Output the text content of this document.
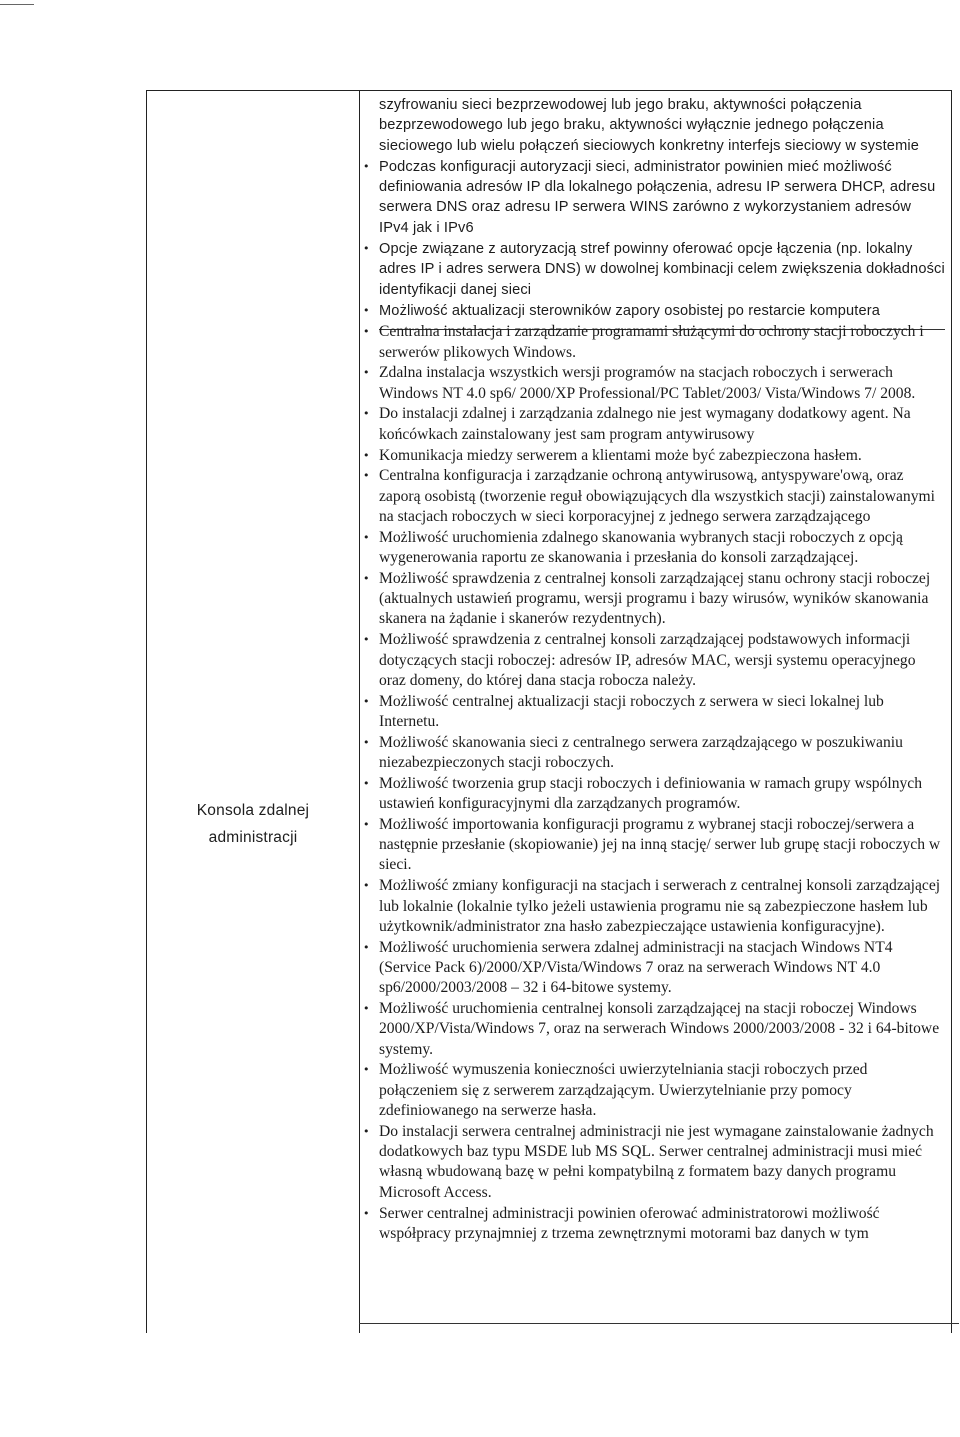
Konsola zdalnej
administracji

szyfrowaniu sieci bezprzewodowej lub jego braku, aktywności połączenia bezprzewodowego lub jego braku, aktywności wyłącznie jednego połączenia sieciowego lub wielu połączeń sieciowych konkretny interfejs sieciowy w systemie

• Podczas konfiguracji autoryzacji sieci, administrator powinien mieć możliwość definiowania adresów IP dla lokalnego połączenia, adresu IP serwera DHCP, adresu serwera DNS oraz adresu IP serwera WINS zarówno z wykorzystaniem adresów IPv4 jak i IPv6
• Opcje związane z autoryzacją stref powinny oferować opcje łączenia (np. lokalny adres IP i adres serwera DNS) w dowolnej kombinacji celem zwiększenia dokładności identyfikacji danej sieci
• Możliwość aktualizacji sterowników zapory osobistej po restarcie komputera
• Centralna instalacja i zarządzanie programami służącymi do ochrony stacji roboczych i serwerów plikowych Windows.
• Zdalna instalacja wszystkich wersji programów na stacjach roboczych i serwerach Windows NT 4.0 sp6/ 2000/XP Professional/PC Tablet/2003/ Vista/Windows 7/ 2008.
• Do instalacji zdalnej i zarządzania zdalnego nie jest wymagany dodatkowy agent. Na końcówkach zainstalowany jest sam program antywirusowy
• Komunikacja miedzy serwerem a klientami może być zabezpieczona hasłem.
• Centralna konfiguracja i zarządzanie ochroną antywirusową, antyspyware'ową, oraz zaporą osobistą (tworzenie reguł obowiązujących dla wszystkich stacji) zainstalowanymi na stacjach roboczych w sieci korporacyjnej z jednego serwera zarządzającego
• Możliwość uruchomienia zdalnego skanowania wybranych stacji roboczych z opcją wygenerowania raportu ze skanowania i przesłania do konsoli zarządzającej.
• Możliwość sprawdzenia z centralnej konsoli zarządzającej stanu ochrony stacji roboczej (aktualnych ustawień programu, wersji programu i bazy wirusów, wyników skanowania skanera na żądanie i skanerów rezydentnych).
• Możliwość sprawdzenia z centralnej konsoli zarządzającej podstawowych informacji dotyczących stacji roboczej: adresów IP, adresów MAC, wersji systemu operacyjnego oraz domeny, do której dana stacja robocza należy.
• Możliwość centralnej aktualizacji stacji roboczych z serwera w sieci lokalnej lub Internetu.
• Możliwość skanowania sieci z centralnego serwera zarządzającego w poszukiwaniu niezabezpieczonych stacji roboczych.
• Możliwość tworzenia grup stacji roboczych i definiowania w ramach grupy wspólnych ustawień konfiguracyjnymi dla zarządzanych programów.
• Możliwość importowania konfiguracji programu z wybranej stacji roboczej/serwera a następnie przesłanie (skopiowanie) jej na inną stację/ serwer lub grupę stacji roboczych w sieci.
• Możliwość zmiany konfiguracji na stacjach i serwerach z centralnej konsoli zarządzającej lub lokalnie (lokalnie tylko jeżeli ustawienia programu nie są zabezpieczone hasłem lub użytkownik/administrator zna hasło zabezpieczające ustawienia konfiguracyjne).
• Możliwość uruchomienia serwera zdalnej administracji na stacjach Windows NT4 (Service Pack 6)/2000/XP/Vista/Windows 7 oraz na serwerach Windows NT 4.0 sp6/2000/2003/2008 – 32 i 64-bitowe systemy.
• Możliwość uruchomienia centralnej konsoli zarządzającej na stacji roboczej Windows 2000/XP/Vista/Windows 7, oraz na serwerach Windows 2000/2003/2008 - 32 i 64-bitowe systemy.
• Możliwość wymuszenia konieczności uwierzytelniania stacji roboczych przed połączeniem się z serwerem zarządzającym. Uwierzytelnianie przy pomocy zdefiniowanego na serwerze hasła.
• Do instalacji serwera centralnej administracji nie jest wymagane zainstalowanie żadnych dodatkowych baz typu MSDE lub MS SQL. Serwer centralnej administracji musi mieć własną wbudowaną bazę w pełni kompatybilną z formatem bazy danych programu Microsoft Access.
• Serwer centralnej administracji powinien oferować administratorowi możliwość współpracy przynajmniej z trzema zewnętrznymi motorami baz danych w tym
